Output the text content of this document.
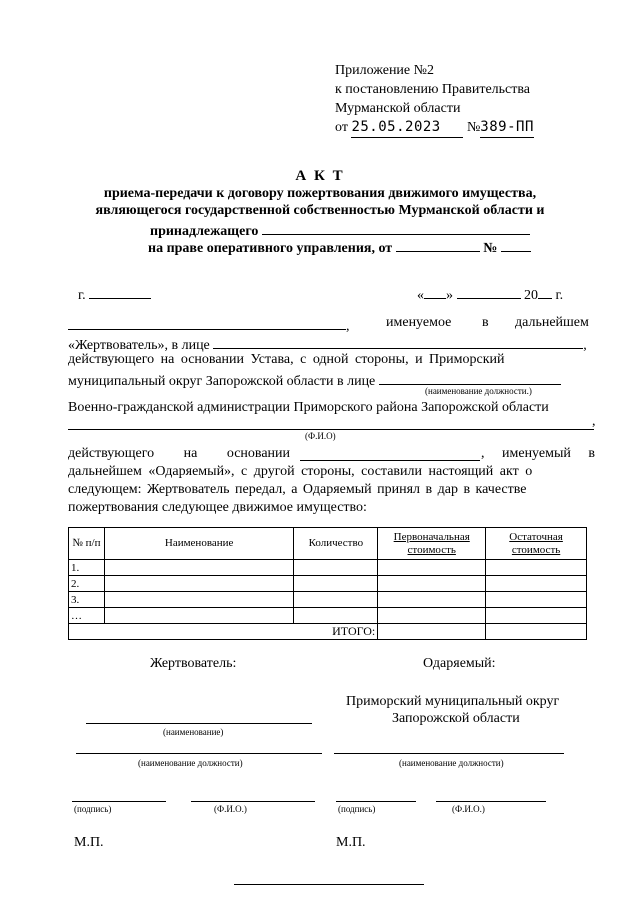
Приложение №2
к постановлению Правительства
Мурманской области
от 25.05.2023 №389-ПП
А К Т
приема-передачи к договору пожертвования движимого имущества,
являющегося государственной собственностью Мурманской области и
принадлежащего
на праве оперативного управления, от	№
г.	« »	20 г.
,	именуемое в дальнейшем
«Жертвователь», в лице	,
действующего на основании Устава, с одной стороны, и Приморский
муниципальный округ Запорожской области в лице
(наименование должности.)
Военно-гражданской администрации Приморского района Запорожской области
,
(Ф.И.О)
действующего на основании	, именуемый в
дальнейшем «Одаряемый», с другой стороны, составили настоящий акт о
следующем: Жертвователь передал, а Одаряемый принял в дар в качестве
пожертвования следующее движимое имущество:
№ п/п	Наименование	Количество	Первоначальная стоимость	Остаточная стоимость
1.				
2.				
3.				
…				
ИТОГО:				
Жертвователь:	Одаряемый:
Приморский муниципальный округ
Запорожской области
(наименование)
(наименование должности)	(наименование должности)
(подпись)	(Ф.И.О.)	(подпись)	(Ф.И.О.)
М.П.	М.П.
